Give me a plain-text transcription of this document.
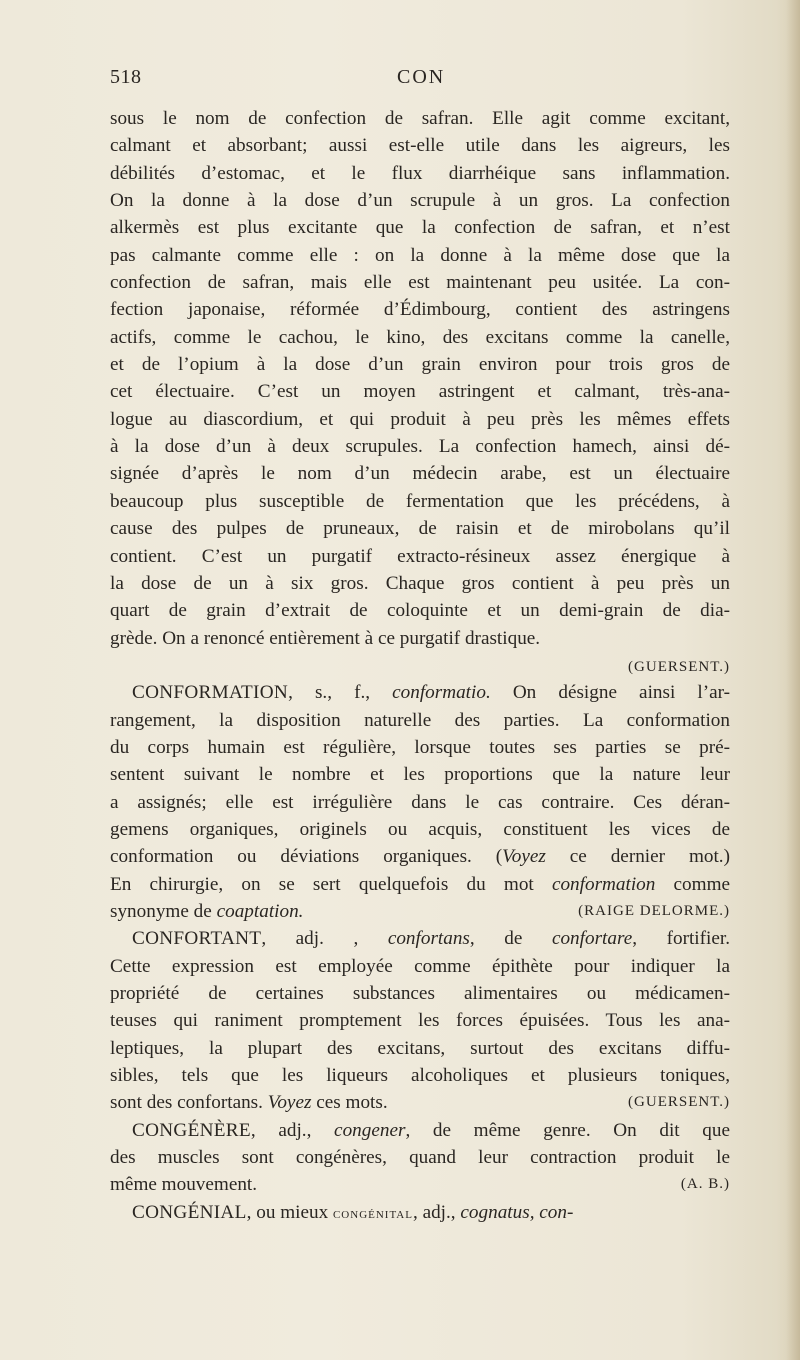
518	CON
sous le nom de confection de safran. Elle agit comme excitant,
calmant et absorbant; aussi est-elle utile dans les aigreurs, les
débilités d’estomac, et le flux diarrhéique sans inflammation.
On la donne à la dose d’un scrupule à un gros. La confection
alkermès est plus excitante que la confection de safran, et n’est
pas calmante comme elle : on la donne à la même dose que la
confection de safran, mais elle est maintenant peu usitée. La con-
fection japonaise, réformée d’Édimbourg, contient des astringens
actifs, comme le cachou, le kino, des excitans comme la canelle,
et de l’opium à la dose d’un grain environ pour trois gros de
cet électuaire. C’est un moyen astringent et calmant, très-ana-
logue au diascordium, et qui produit à peu près les mêmes effets
à la dose d’un à deux scrupules. La confection hamech, ainsi dé-
signée d’après le nom d’un médecin arabe, est un électuaire
beaucoup plus susceptible de fermentation que les précédens, à
cause des pulpes de pruneaux, de raisin et de mirobolans qu’il
contient. C’est un purgatif extracto-résineux assez énergique à
la dose de un à six gros. Chaque gros contient à peu près un
quart de grain d’extrait de coloquinte et un demi-grain de dia-
grède. On a renoncé entièrement à ce purgatif drastique.
(GUERSENT.)
CONFORMATION, s., f., conformatio. On désigne ainsi l’ar-
rangement, la disposition naturelle des parties. La conformation
du corps humain est régulière, lorsque toutes ses parties se pré-
sentent suivant le nombre et les proportions que la nature leur
a assignés; elle est irrégulière dans le cas contraire. Ces déran-
gemens organiques, originels ou acquis, constituent les vices de
conformation ou déviations organiques. (Voyez ce dernier mot.)
En chirurgie, on se sert quelquefois du mot conformation comme
synonyme de coaptation.	(RAIGE DELORME.)
CONFORTANT, adj. , confortans, de confortare, fortifier.
Cette expression est employée comme épithète pour indiquer la
propriété de certaines substances alimentaires ou médicamen-
teuses qui raniment promptement les forces épuisées. Tous les ana-
leptiques, la plupart des excitans, surtout des excitans diffu-
sibles, tels que les liqueurs alcoholiques et plusieurs toniques,
sont des confortans. Voyez ces mots.	(GUERSENT.)
CONGÉNÈRE, adj., congener, de même genre. On dit que
des muscles sont congénères, quand leur contraction produit le
même mouvement.	(A. B.)
CONGÉNIAL, ou mieux congénital, adj., cognatus, con-
